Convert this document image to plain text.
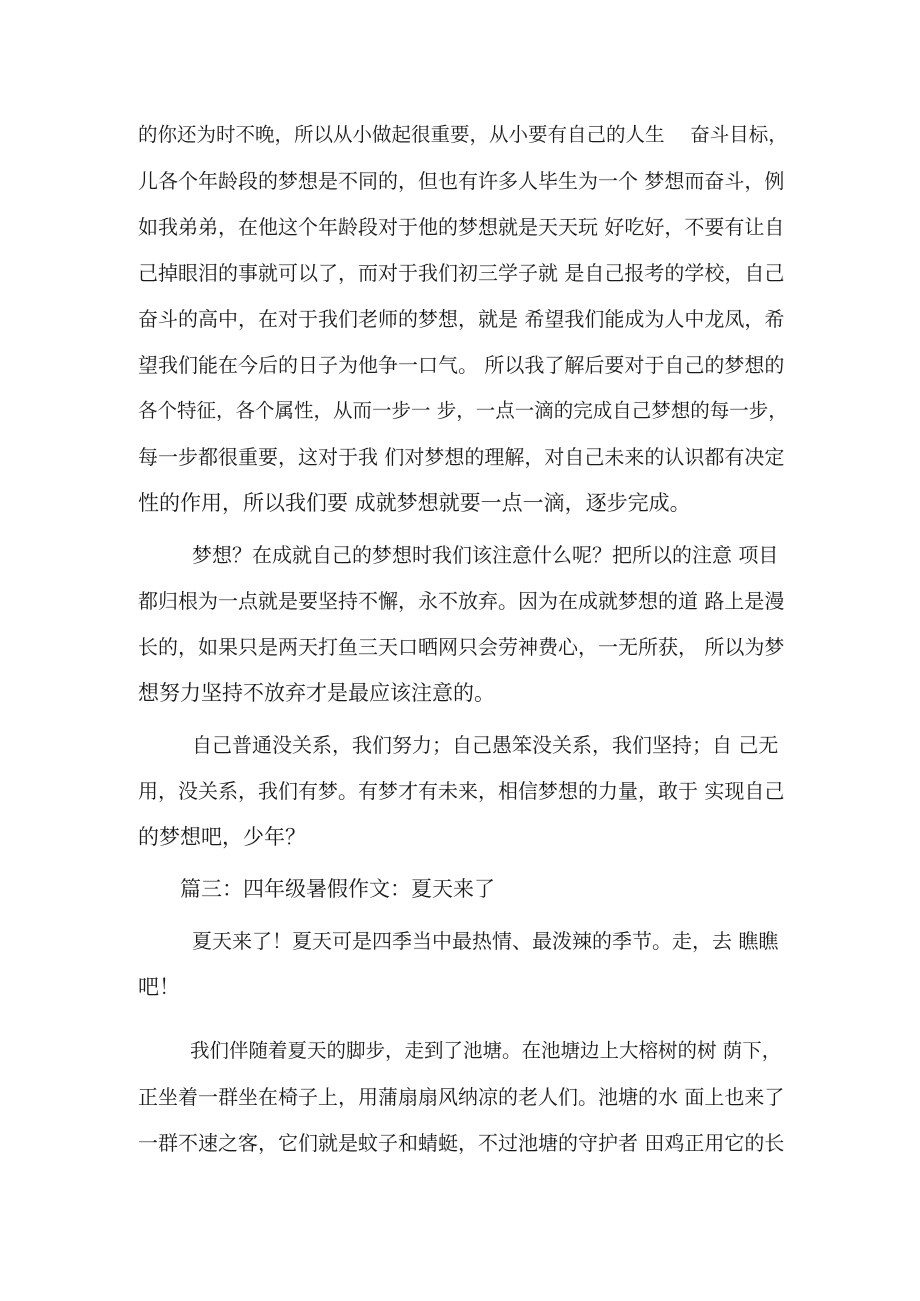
的你还为时不晚，所以从小做起很重要，从小要有自己的人生　 奋斗目标，
儿各个年龄段的梦想是不同的，但也有许多人毕生为一个 梦想而奋斗，例
如我弟弟，在他这个年龄段对于他的梦想就是天天玩 好吃好，不要有让自
己掉眼泪的事就可以了，而对于我们初三学子就 是自己报考的学校，自己
奋斗的高中，在对于我们老师的梦想，就是 希望我们能成为人中龙凤，希
望我们能在今后的日子为他争一口气。 所以我了解后要对于自己的梦想的
各个特征，各个属性，从而一步一 步，一点一滴的完成自己梦想的每一步，
每一步都很重要，这对于我 们对梦想的理解，对自己未来的认识都有决定
性的作用，所以我们要 成就梦想就要一点一滴，逐步完成。
梦想？在成就自己的梦想时我们该注意什么呢？把所以的注意 项目
都归根为一点就是要坚持不懈，永不放弃。因为在成就梦想的道 路上是漫
长的，如果只是两天打鱼三天口晒网只会劳神费心，一无所获， 所以为梦
想努力坚持不放弃才是最应该注意的。
自己普通没关系，我们努力；自己愚笨没关系，我们坚持；自 己无
用，没关系，我们有梦。有梦才有未来，相信梦想的力量，敢于 实现自己
的梦想吧，少年？
篇三：四年级暑假作文：夏天来了
夏天来了！夏天可是四季当中最热情、最泼辣的季节。走，去 瞧瞧
吧！
我们伴随着夏天的脚步，走到了池塘。在池塘边上大榕树的树 荫下，
正坐着一群坐在椅子上，用蒲扇扇风纳凉的老人们。池塘的水 面上也来了
一群不速之客，它们就是蚊子和蜻蜓，不过池塘的守护者 田鸡正用它的长
